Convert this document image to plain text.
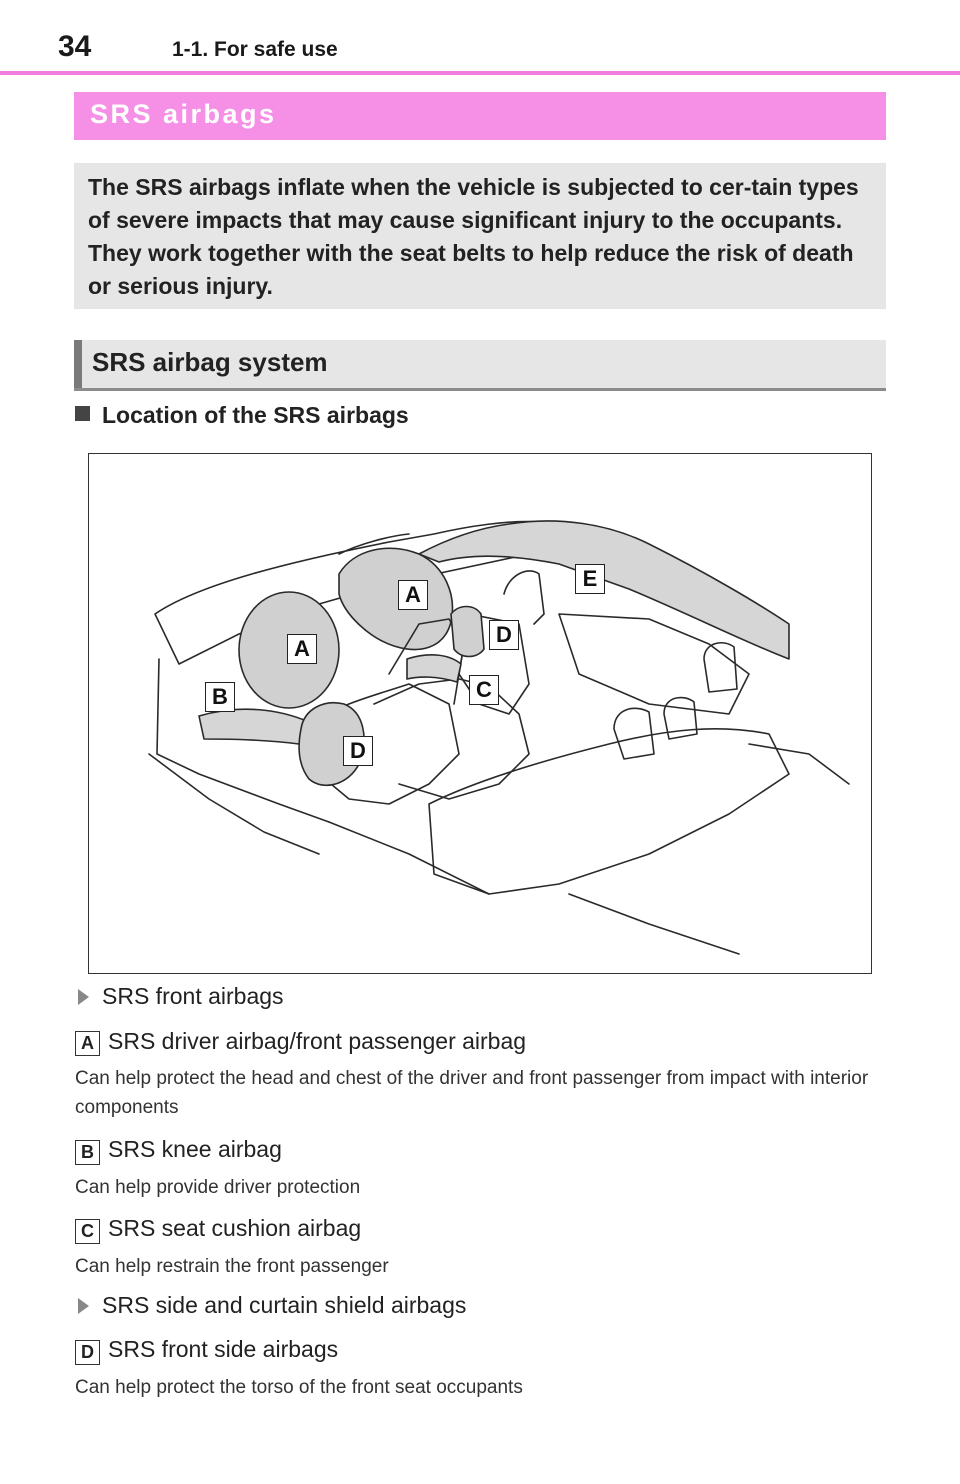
34	1-1. For safe use
SRS airbags

The SRS airbags inflate when the vehicle is subjected to cer-tain types of severe impacts that may cause significant injury to the occupants. They work together with the seat belts to help reduce the risk of death or serious injury.

SRS airbag system
Location of the SRS airbags
A
A
B	C
D
D
E
SRS front airbags
A SRS driver airbag/front passenger airbag
Can help protect the head and chest of the driver and front passenger from impact with interior components
B SRS knee airbag
Can help provide driver protection
C SRS seat cushion airbag
Can help restrain the front passenger
SRS side and curtain shield airbags
D SRS front side airbags
Can help protect the torso of the front seat occupants
